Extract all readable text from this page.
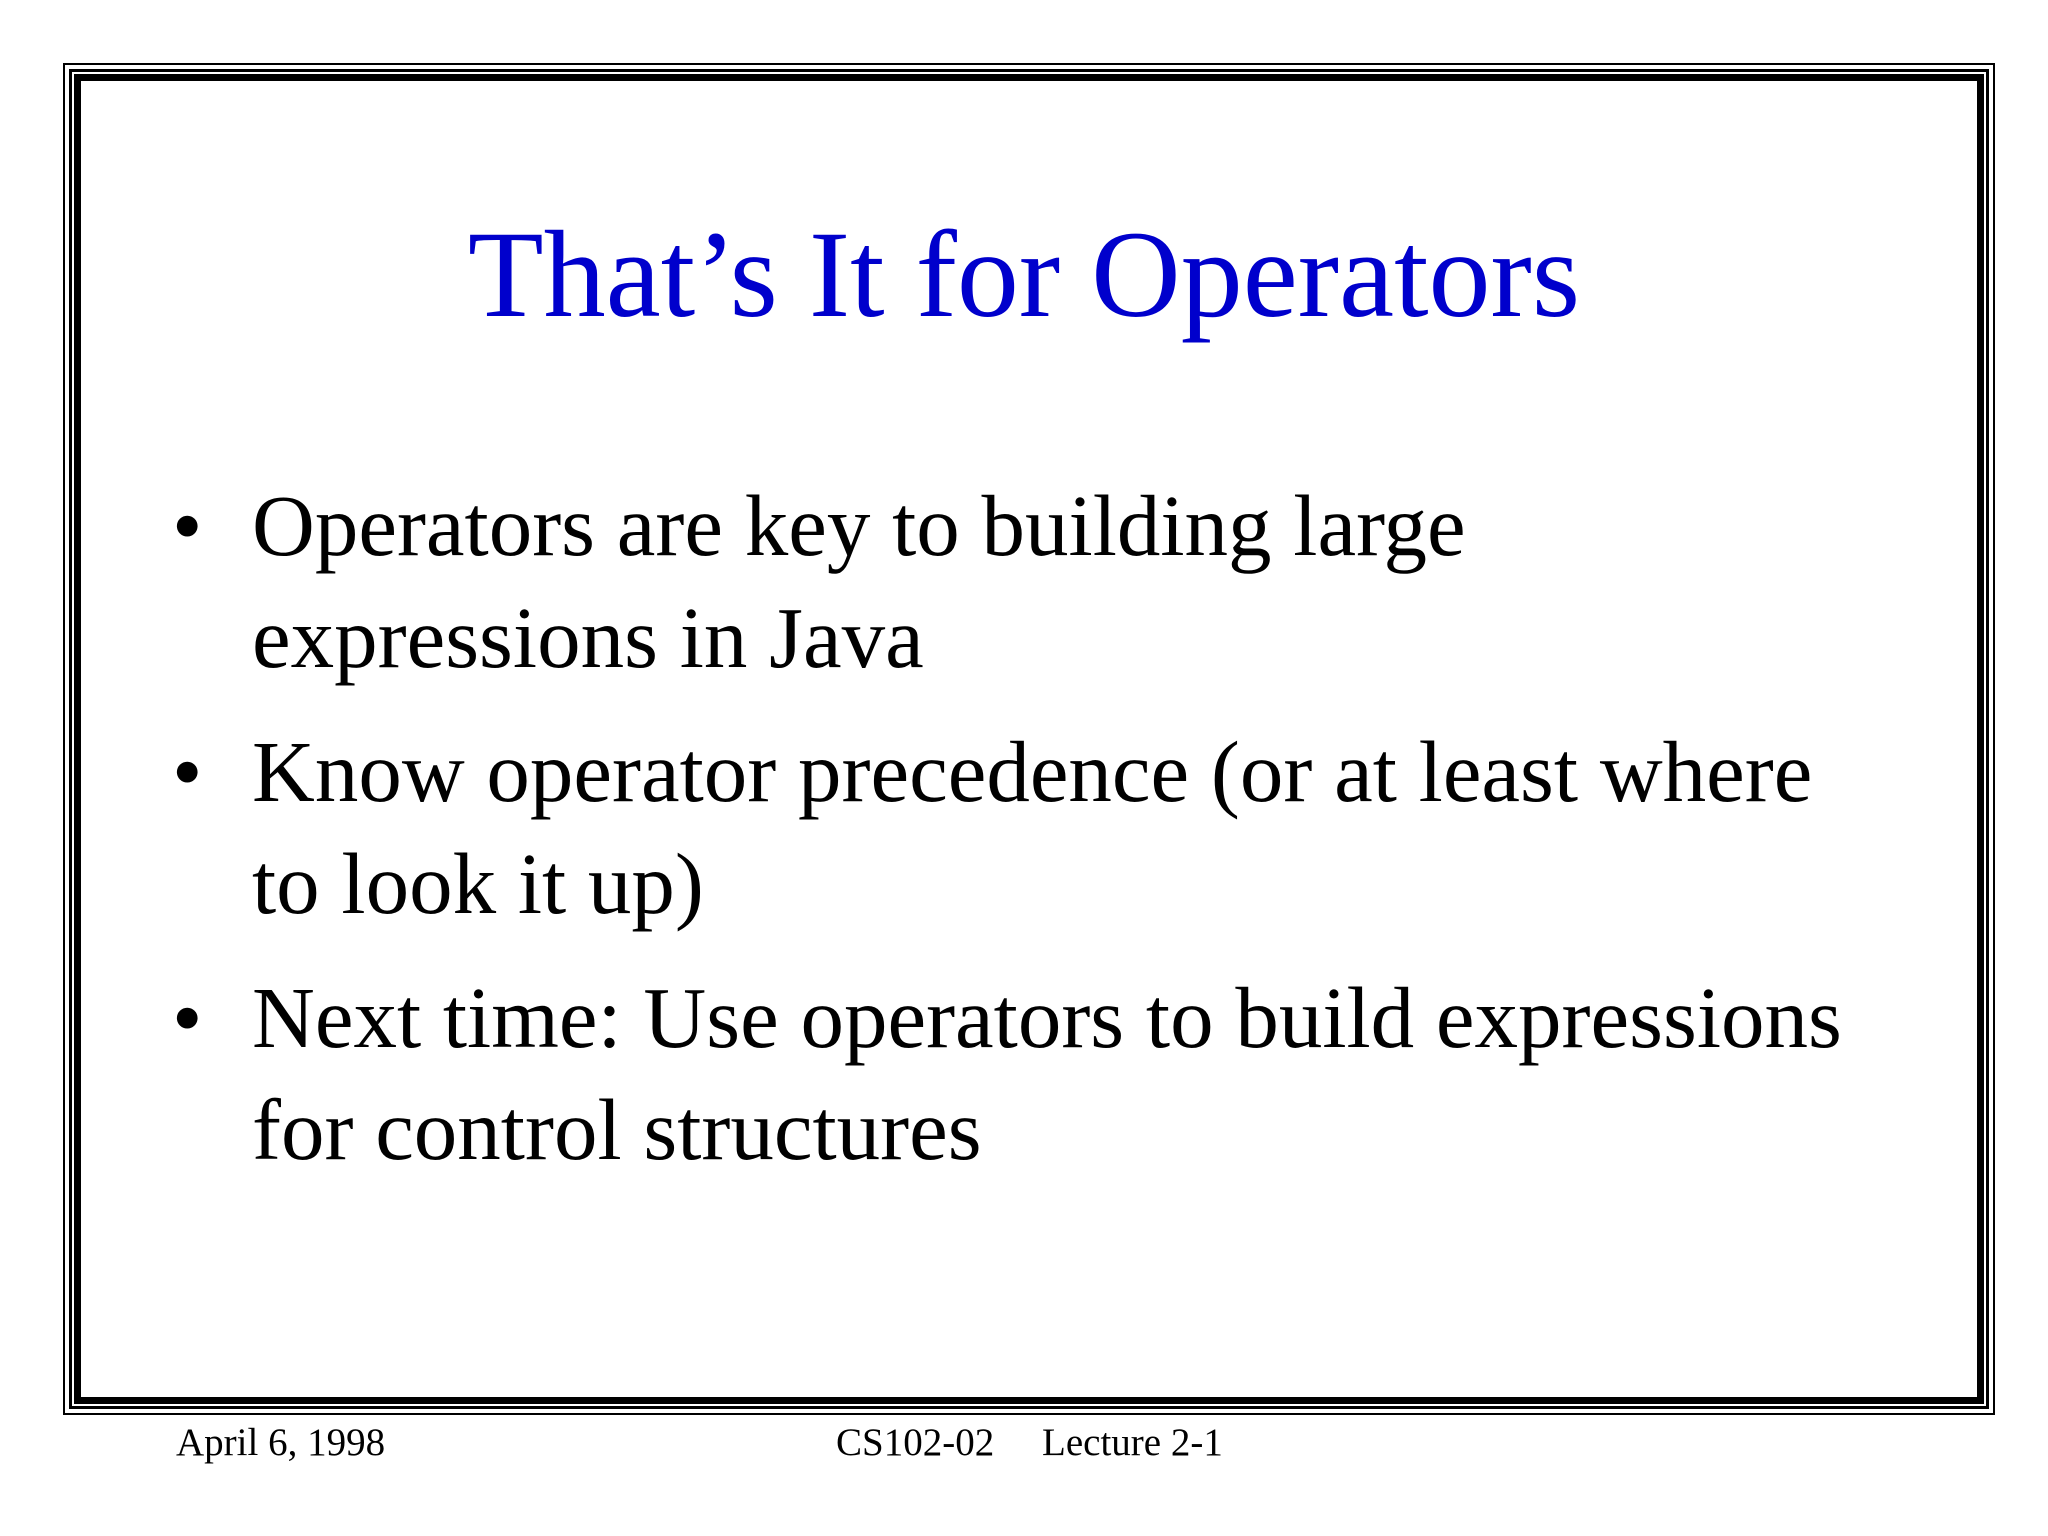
That’s It for Operators
• Operators are key to building large expressions in Java
• Know operator precedence (or at least where to look it up)
• Next time: Use operators to build expressions for control structures
April 6, 1998	CS102-02 Lecture 2-1
